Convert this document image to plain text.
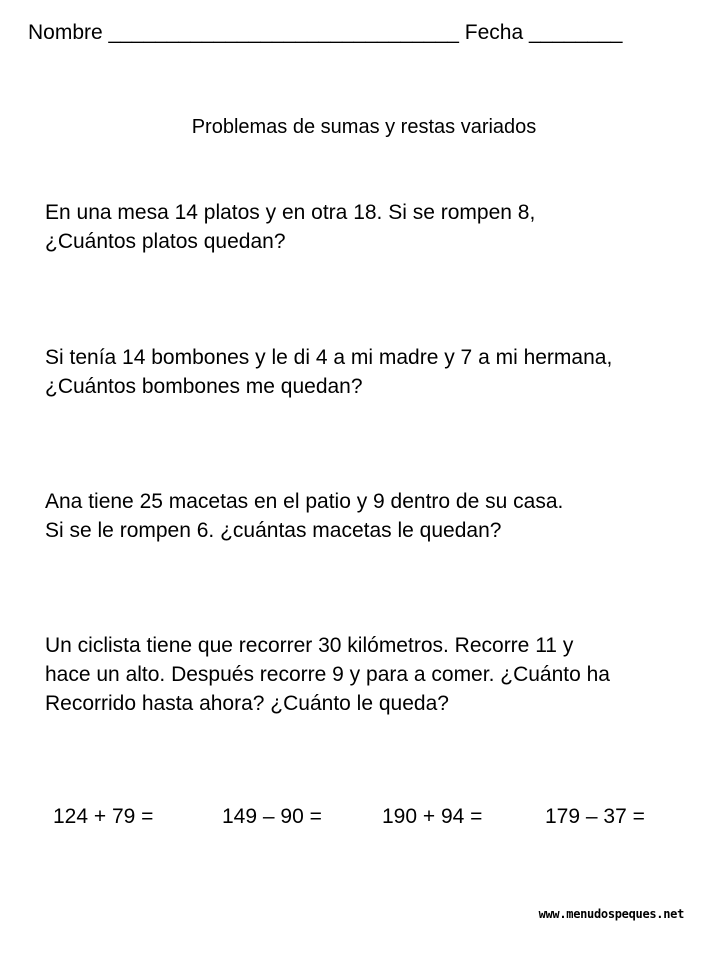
Nombre ______________________________ Fecha ________
Problemas de sumas y restas variados
En una mesa 14 platos y en otra 18. Si se rompen 8,
¿Cuántos platos quedan?
Si tenía 14 bombones y le di 4 a mi madre y 7 a mi hermana,
¿Cuántos bombones me quedan?
Ana tiene 25 macetas en el patio y 9 dentro de su casa.
Si se le rompen 6. ¿cuántas macetas le quedan?
Un ciclista tiene que recorrer 30 kilómetros. Recorre 11 y
hace un alto. Después recorre 9 y para a comer. ¿Cuánto ha
Recorrido hasta ahora? ¿Cuánto le queda?
124 + 79 =	149 – 90 =	190 + 94 =	179 – 37 =
www.menudospeques.net
